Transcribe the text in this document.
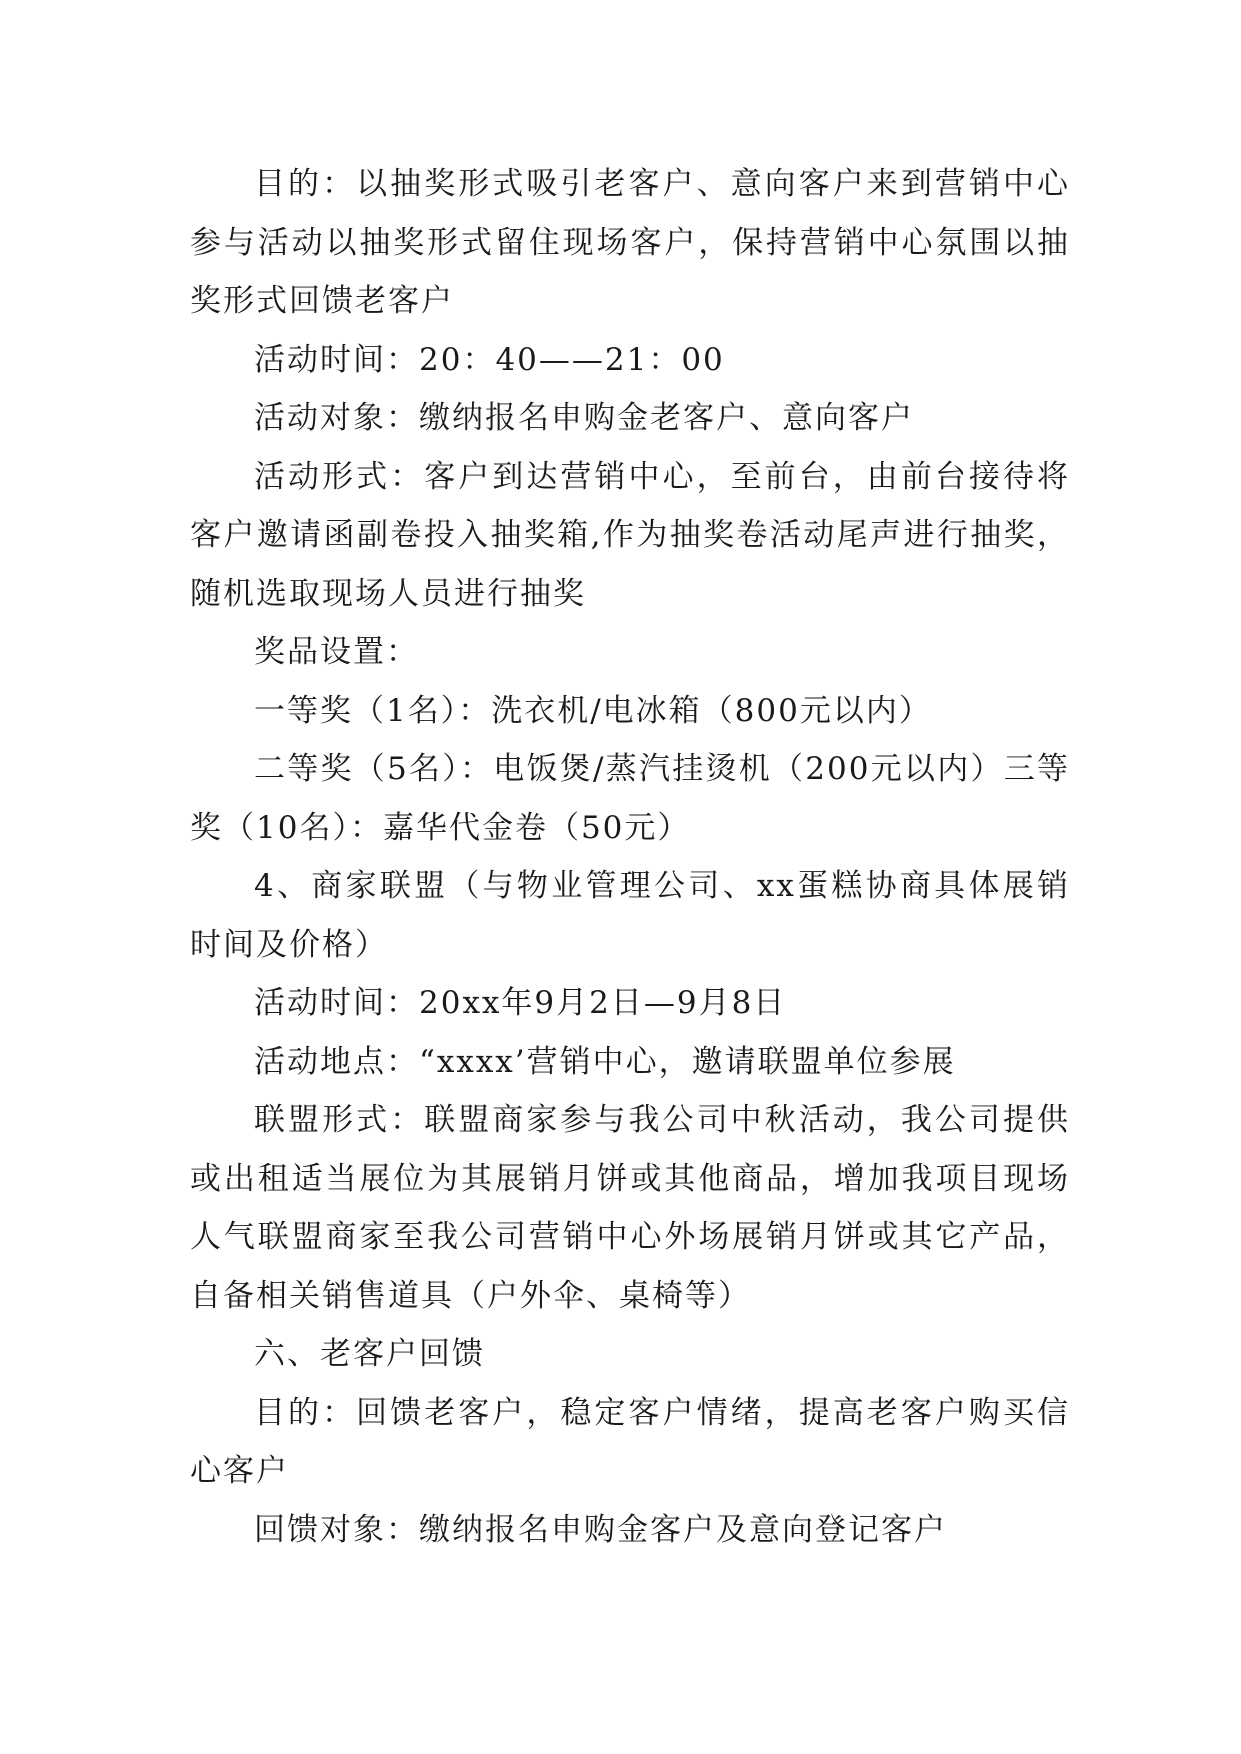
目的：以抽奖形式吸引老客户、意向客户来到营销中心参与活动以抽奖形式留住现场客户，保持营销中心氛围以抽奖形式回馈老客户

活动时间：20：40——21：00

活动对象：缴纳报名申购金老客户、意向客户

活动形式：客户到达营销中心，至前台，由前台接待将客户邀请函副卷投入抽奖箱,作为抽奖卷活动尾声进行抽奖，随机选取现场人员进行抽奖

奖品设置：

一等奖（1名）：洗衣机/电冰箱（800元以内）

二等奖（5名）：电饭煲/蒸汽挂烫机（200元以内）三等奖（10名）：嘉华代金卷（50元）

4、商家联盟（与物业管理公司、xx蛋糕协商具体展销时间及价格）

活动时间：20xx年9月2日—9月8日

活动地点：“xxxx’营销中心，邀请联盟单位参展

联盟形式：联盟商家参与我公司中秋活动，我公司提供或出租适当展位为其展销月饼或其他商品，增加我项目现场人气联盟商家至我公司营销中心外场展销月饼或其它产品，自备相关销售道具（户外伞、桌椅等）

六、老客户回馈

目的：回馈老客户，稳定客户情绪，提高老客户购买信心客户

回馈对象：缴纳报名申购金客户及意向登记客户
